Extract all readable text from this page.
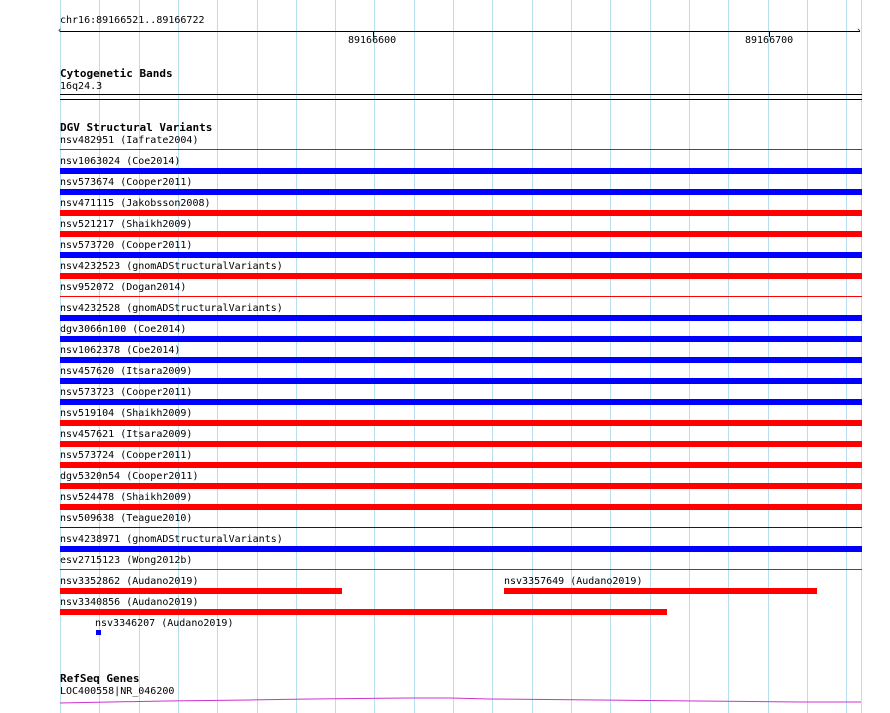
chr16:89166521..89166722
‹	›
89166600	89166700
Cytogenetic Bands
16q24.3
DGV Structural Variants
nsv482951 (Iafrate2004)
nsv1063024 (Coe2014)
nsv573674 (Cooper2011)
nsv471115 (Jakobsson2008)
nsv521217 (Shaikh2009)
nsv573720 (Cooper2011)
nsv4232523 (gnomADStructuralVariants)
nsv952072 (Dogan2014)
nsv4232528 (gnomADStructuralVariants)
dgv3066n100 (Coe2014)
nsv1062378 (Coe2014)
nsv457620 (Itsara2009)
nsv573723 (Cooper2011)
nsv519104 (Shaikh2009)
nsv457621 (Itsara2009)
nsv573724 (Cooper2011)
dgv5320n54 (Cooper2011)
nsv524478 (Shaikh2009)
nsv509638 (Teague2010)
nsv4238971 (gnomADStructuralVariants)
esv2715123 (Wong2012b)
nsv3352862 (Audano2019)	nsv3357649 (Audano2019)
nsv3340856 (Audano2019)
nsv3346207 (Audano2019)
RefSeq Genes
LOC400558|NR_046200
